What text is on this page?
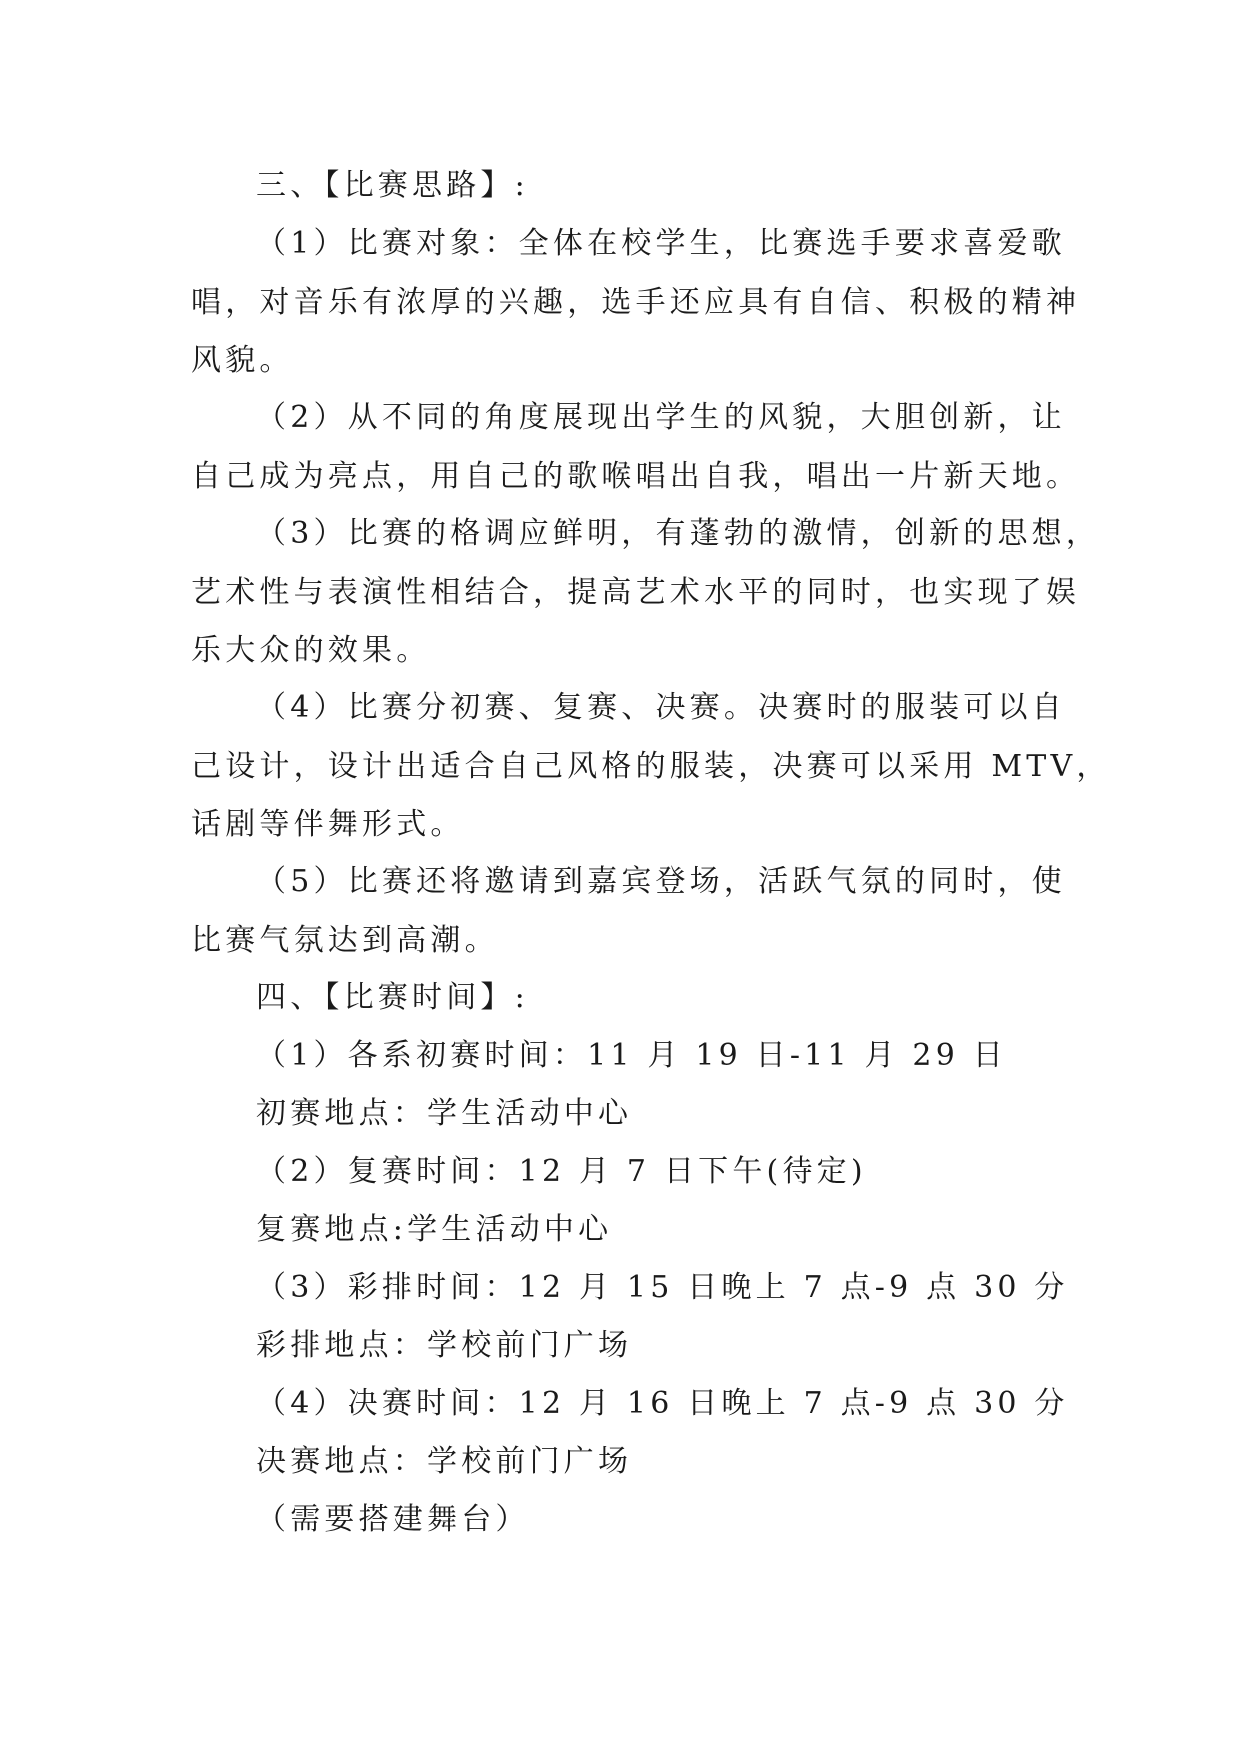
三、【比赛思路】:
（1）比赛对象：全体在校学生，比赛选手要求喜爱歌
唱，对音乐有浓厚的兴趣，选手还应具有自信、积极的精神
风貌。
（2）从不同的角度展现出学生的风貌，大胆创新，让
自己成为亮点，用自己的歌喉唱出自我，唱出一片新天地。
（3）比赛的格调应鲜明，有蓬勃的激情，创新的思想，
艺术性与表演性相结合，提高艺术水平的同时，也实现了娱
乐大众的效果。
（4）比赛分初赛、复赛、决赛。决赛时的服装可以自
己设计，设计出适合自己风格的服装，决赛可以采用 MTV，
话剧等伴舞形式。
（5）比赛还将邀请到嘉宾登场，活跃气氛的同时，使
比赛气氛达到高潮。
四、【比赛时间】:
（1）各系初赛时间：11 月 19 日-11 月 29 日
初赛地点：学生活动中心
（2）复赛时间：12 月 7 日下午(待定)
复赛地点:学生活动中心
（3）彩排时间：12 月 15 日晚上 7 点-9 点 30 分
彩排地点：学校前门广场
（4）决赛时间：12 月 16 日晚上 7 点-9 点 30 分
决赛地点：学校前门广场
（需要搭建舞台）
